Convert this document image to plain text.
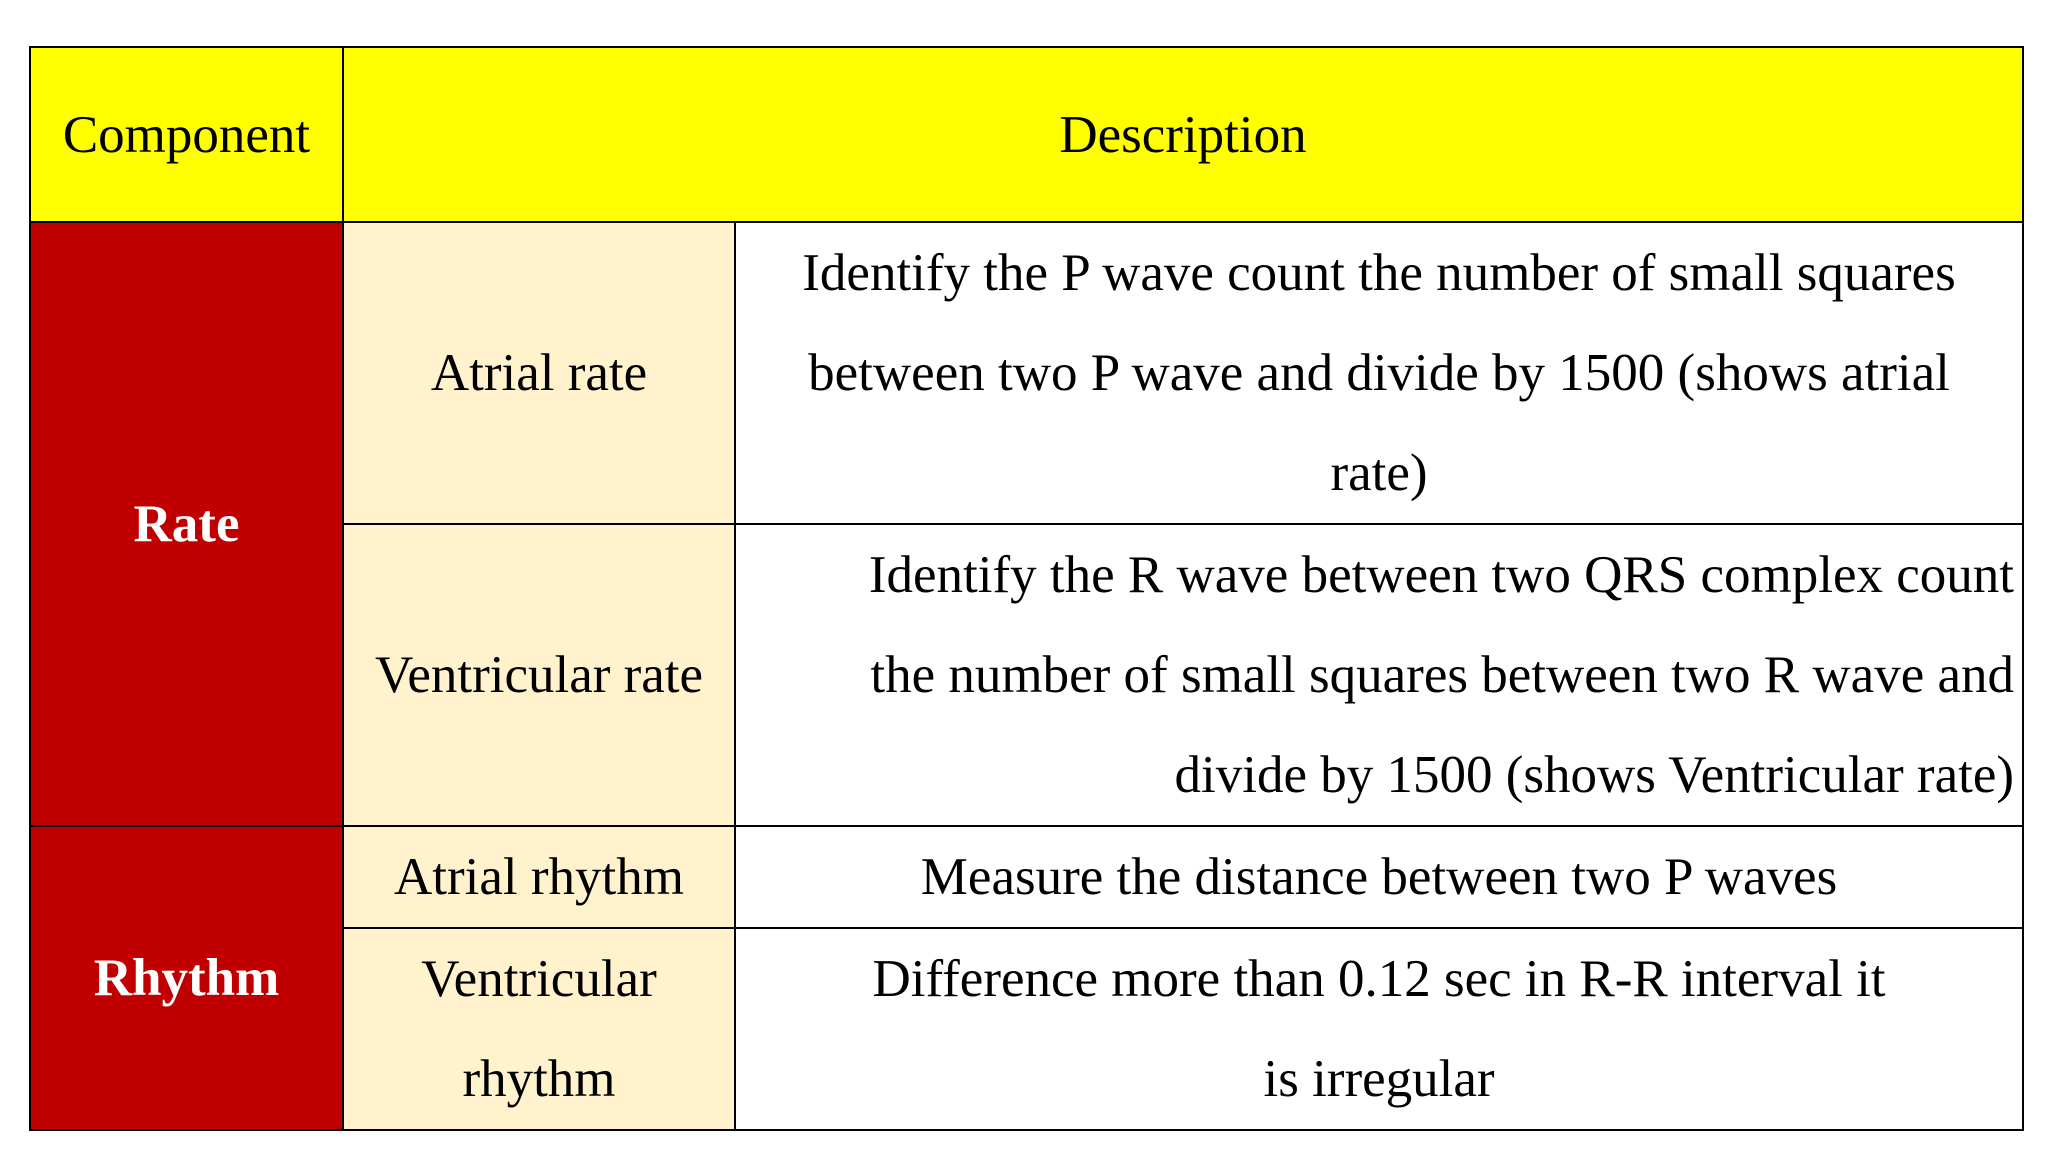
Component	Description	
Rate	Atrial rate	Identify the P wave count the number of small squares between two P wave and divide by 1500 (shows atrial rate)
	Ventricular rate	Identify the R wave between two QRS complex count the number of small squares between two R wave and divide by 1500 (shows Ventricular rate)
Rhythm	Atrial rhythm	Measure the distance between two P waves
	Ventricular rhythm	Difference more than 0.12 sec in R-R interval it is irregular
